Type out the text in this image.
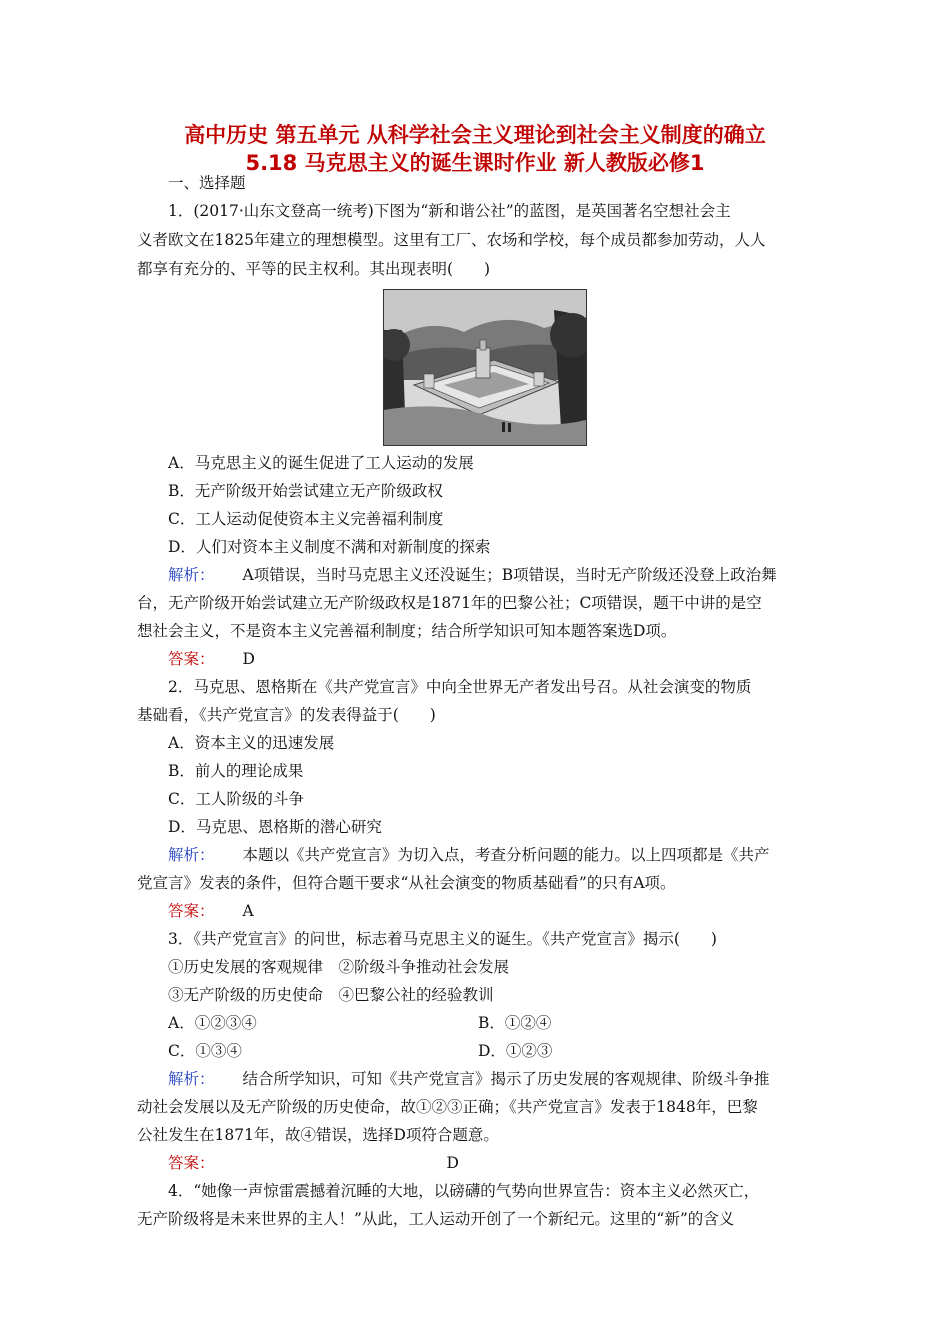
高中历史 第五单元 从科学社会主义理论到社会主义制度的确立
5.18 马克思主义的诞生课时作业 新人教版必修1
一、选择题
1．(2017·山东文登高一统考)下图为“新和谐公社”的蓝图，是英国著名空想社会主
义者欧文在1825年建立的理想模型。这里有工厂、农场和学校，每个成员都参加劳动，人人
都享有充分的、平等的民主权利。其出现表明(　　)
A．马克思主义的诞生促进了工人运动的发展
B．无产阶级开始尝试建立无产阶级政权
C．工人运动促使资本主义完善福利制度
D．人们对资本主义制度不满和对新制度的探索
解析： A项错误，当时马克思主义还没诞生；B项错误，当时无产阶级还没登上政治舞
台，无产阶级开始尝试建立无产阶级政权是1871年的巴黎公社；C项错误，题干中讲的是空
想社会主义，不是资本主义完善福利制度；结合所学知识可知本题答案选D项。
答案： D
2．马克思、恩格斯在《共产党宣言》中向全世界无产者发出号召。从社会演变的物质
基础看，《共产党宣言》的发表得益于(　　)
A．资本主义的迅速发展
B．前人的理论成果
C．工人阶级的斗争
D．马克思、恩格斯的潜心研究
解析： 本题以《共产党宣言》为切入点，考查分析问题的能力。以上四项都是《共产
党宣言》发表的条件，但符合题干要求“从社会演变的物质基础看”的只有A项。
答案： A
3．《共产党宣言》的问世，标志着马克思主义的诞生。《共产党宣言》揭示(　　)
①历史发展的客观规律　②阶级斗争推动社会发展
③无产阶级的历史使命　④巴黎公社的经验教训
A．①②③④	B．①②④
C．①③④	D．①②③
解析： 结合所学知识，可知《共产党宣言》揭示了历史发展的客观规律、阶级斗争推
动社会发展以及无产阶级的历史使命，故①②③正确；《共产党宣言》发表于1848年，巴黎
公社发生在1871年，故④错误，选择D项符合题意。
答案：	D
4．“她像一声惊雷震撼着沉睡的大地，以磅礴的气势向世界宣告：资本主义必然灭亡，
无产阶级将是未来世界的主人！”从此，工人运动开创了一个新纪元。这里的“新”的含义
